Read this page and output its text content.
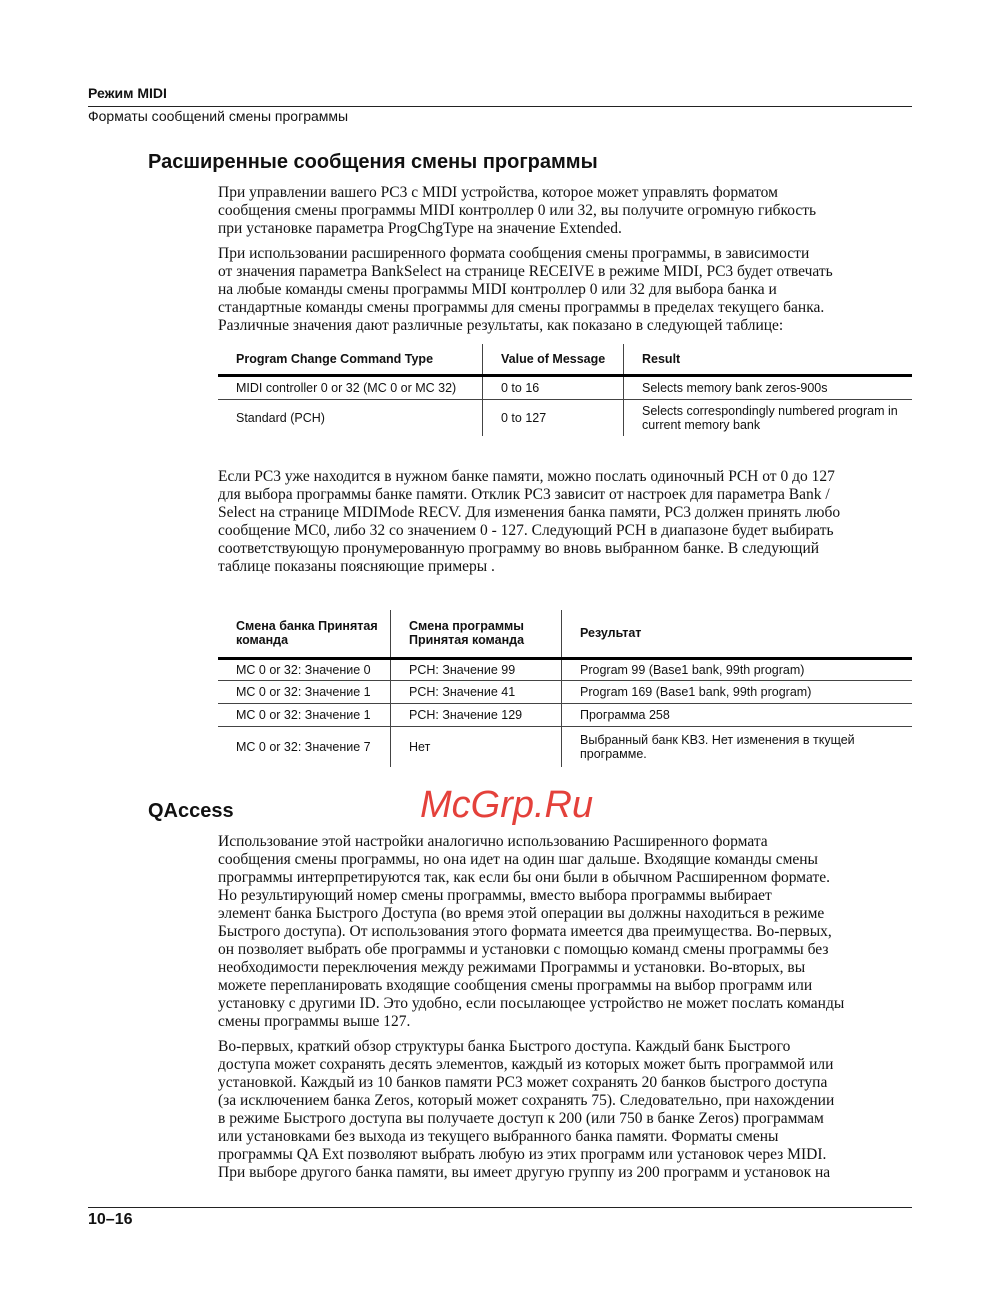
Режим MIDI
Форматы сообщений смены программы
Расширенные сообщения смены программы
При управлении вашего PC3 с MIDI устройства, которое может управлять форматом
сообщения смены программы MIDI контроллер 0 или 32, вы получите огромную гибкость
при установке параметра ProgChgType на значение Extended.
При использовании расширенного формата сообщения смены программы, в зависимости
от значения параметра BankSelect на странице RECEIVE в режиме MIDI, PC3 будет отвечать
на любые команды смены программы MIDI контроллер 0 или 32 для выбора банка и
стандартные команды смены программы для смены программы в пределах текущего банка.
Различные значения дают различные результаты, как показано в следующей таблице:
Program Change Command Type	Value of Message	Result
MIDI controller 0 or 32 (MC 0 or MC 32)	0 to 16	Selects memory bank zeros-900s
Standard (PCH)	0 to 127	Selects correspondingly numbered program in current memory bank
Если PC3 уже находится в нужном банке памяти, можно послать одиночный PCH от 0 до 127
для выбора программы банке памяти. Отклик PC3 зависит от настроек для параметра Bank /
Select на странице MIDIMode RECV. Для изменения банка памяти, PC3 должен принять любо
сообщение MC0, либо 32 со значением 0 - 127. Следующий PCH в диапазоне будет выбирать
соответствующую пронумерованную программу во вновь выбранном банке. В следующий
таблице показаны поясняющие примеры .
Смена банка Принятая команда	Смена программы Принятая команда	Результат
MC 0 or 32: Значение 0	PCH: Значение 99	Program 99 (Base1 bank, 99th program)
MC 0 or 32: Значение 1	PCH: Значение 41	Program 169 (Base1 bank, 99th program)
MC 0 or 32: Значение 1	PCH: Значение 129	Программа 258
MC 0 or 32: Значение 7	Нет	Выбранный банк KB3. Нет изменения в ткущей программе.
QAccess	McGrp.Ru
Использование этой настройки аналогично использованию Расширенного формата
сообщения смены программы, но она идет на один шаг дальше. Входящие команды смены
программы интерпретируются так, как если бы они были в обычном Расширенном формате.
Но результирующий номер смены программы, вместо выбора программы выбирает
элемент банка Быстрого Доступа (во время этой операции вы должны находиться в режиме
Быстрого доступа). От использования этого формата имеется два преимущества. Во-первых,
он позволяет выбрать обе программы и установки с помощью команд смены программы без
необходимости переключения между режимами Программы и установки. Во-вторых, вы
можете перепланировать входящие сообщения смены программы на выбор программ или
установку с другими ID. Это удобно, если посылающее устройство не может послать команды
смены программы выше 127.
Во-первых, краткий обзор структуры банка Быстрого доступа. Каждый банк Быстрого
доступа может сохранять десять элементов, каждый из которых может быть программой или
установкой. Каждый из 10 банков памяти PC3 может сохранять 20 банков быстрого доступа
(за исключением банка Zeros, который может сохранять 75). Следовательно, при нахождении
в режиме Быстрого доступа вы получаете доступ к 200 (или 750 в банке Zeros) программам
или установками без выхода из текущего выбранного банка памяти. Форматы смены
программы QA Ext позволяют выбрать любую из этих программ или установок через MIDI.
При выборе другого банка памяти, вы имеет другую группу из 200 программ и установок на
10–16
